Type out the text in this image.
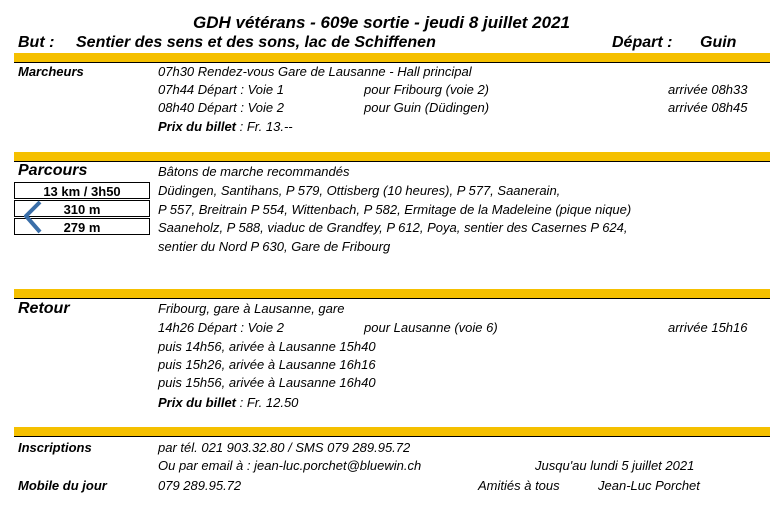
GDH vétérans - 609e sortie - jeudi 8 juillet 2021
But : Sentier des sens et des sons, lac de Schiffenen	Départ : Guin
Marcheurs	07h30 Rendez-vous Gare de Lausanne - Hall principal
07h44 Départ : Voie 1	pour Fribourg (voie 2)	arrivée 08h33
08h40 Départ : Voie 2	pour Guin (Düdingen)	arrivée 08h45
Prix du billet : Fr. 13.--
Parcours	Bâtons de marche recommandés
13 km / 3h50
310 m
279 m
Düdingen, Santihans, P 579, Ottisberg (10 heures), P 577, Saanerain,
P 557, Breitrain P 554, Wittenbach, P 582, Ermitage de la Madeleine (pique nique)
Saaneholz, P 588, viaduc de Grandfey, P 612, Poya, sentier des Casernes P 624,
sentier du Nord P 630, Gare de Fribourg
Retour	Fribourg, gare à Lausanne, gare
14h26 Départ : Voie 2	pour Lausanne (voie 6)	arrivée 15h16
puis 14h56, arivée à Lausanne 15h40
puis 15h26, arivée à Lausanne 16h16
puis 15h56, arivée à Lausanne 16h40
Prix du billet : Fr. 12.50
Inscriptions	par tél. 021 903.32.80 / SMS 079 289.95.72
Ou par email à : jean-luc.porchet@bluewin.ch	Jusqu'au lundi 5 juillet 2021
Mobile du jour	079 289.95.72	Amitiés à tous	Jean-Luc Porchet
